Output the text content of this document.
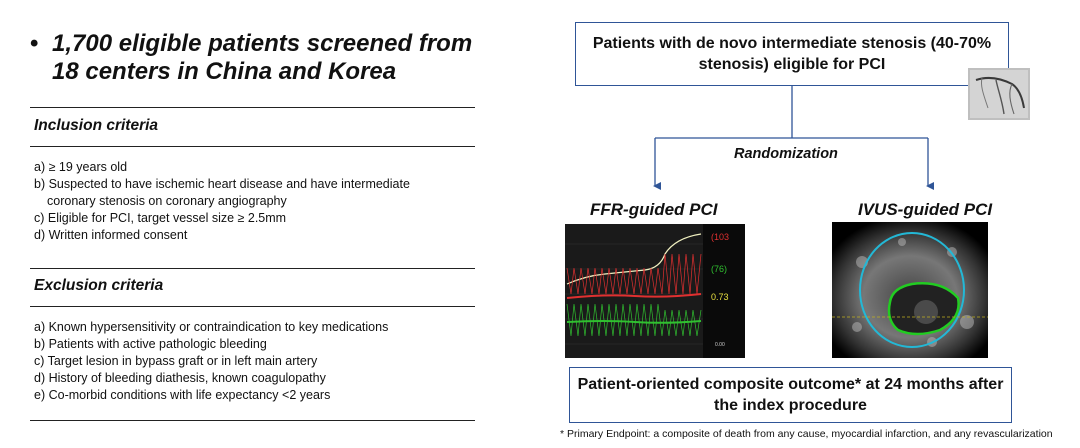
• 1,700 eligible patients screened from
18 centers in China and Korea
Inclusion criteria
a) ≥ 19 years old
b) Suspected to have ischemic heart disease and have intermediate
coronary stenosis on coronary angiography
c) Eligible for PCI, target vessel size ≥ 2.5mm
d) Written informed consent
Exclusion criteria
a) Known hypersensitivity or contraindication to key medications
b) Patients with active pathologic bleeding
c) Target lesion in bypass graft or in left main artery
d) History of bleeding diathesis, known coagulopathy
e) Co-morbid conditions with life expectancy <2 years
Patients with de novo intermediate stenosis (40-70%
stenosis) eligible for PCI
Randomization
FFR-guided PCI	IVUS-guided PCI
(103
(76)
0.73
0.00
Patient-oriented composite outcome* at 24 months after
the index procedure
* Primary Endpoint: a composite of death from any cause, myocardial infarction, and any revascularization
